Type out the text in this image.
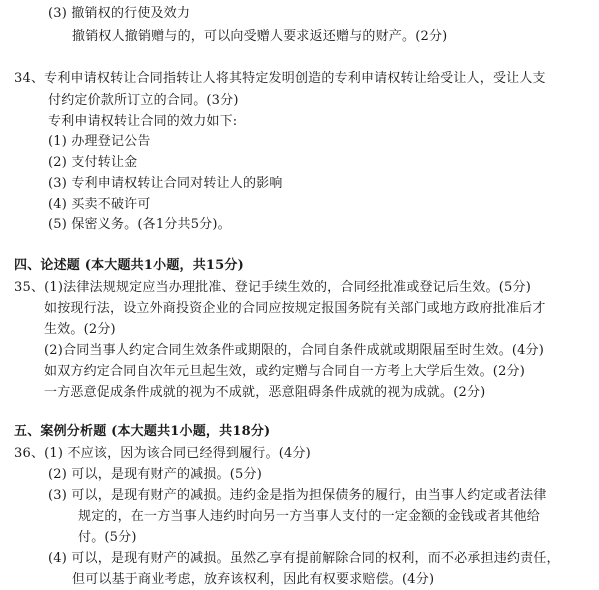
(3) 撤销权的行使及效力
撤销权人撤销赠与的，可以向受赠人要求返还赠与的财产。(2分)
34、专利申请权转让合同指转让人将其特定发明创造的专利申请权转让给受让人，受让人支
付约定价款所订立的合同。(3分)
专利申请权转让合同的效力如下:
(1) 办理登记公告
(2) 支付转让金
(3) 专利申请权转让合同对转让人的影响
(4) 买卖不破许可
(5) 保密义务。(各1分共5分)。
四、论述题 (本大题共1小题，共15分)
35、(1)法律法规规定应当办理批准、登记手续生效的，合同经批准或登记后生效。(5分)
如按现行法，设立外商投资企业的合同应按规定报国务院有关部门或地方政府批准后才
生效。(2分)
(2)合同当事人约定合同生效条件或期限的，合同自条件成就或期限届至时生效。(4分)
如双方约定合同自次年元旦起生效，或约定赠与合同自一方考上大学后生效。(2分)
一方恶意促成条件成就的视为不成就，恶意阻碍条件成就的视为成就。(2分)
五、案例分析题 (本大题共1小题，共18分)
36、(1) 不应该，因为该合同已经得到履行。(4分)
(2) 可以，是现有财产的减损。(5分)
(3) 可以，是现有财产的减损。违约金是指为担保债务的履行，由当事人约定或者法律
规定的，在一方当事人违约时向另一方当事人支付的一定金额的金钱或者其他给
付。(5分)
(4) 可以，是现有财产的减损。虽然乙享有提前解除合同的权利，而不必承担违约责任，
但可以基于商业考虑，放弃该权利，因此有权要求赔偿。(4分)
